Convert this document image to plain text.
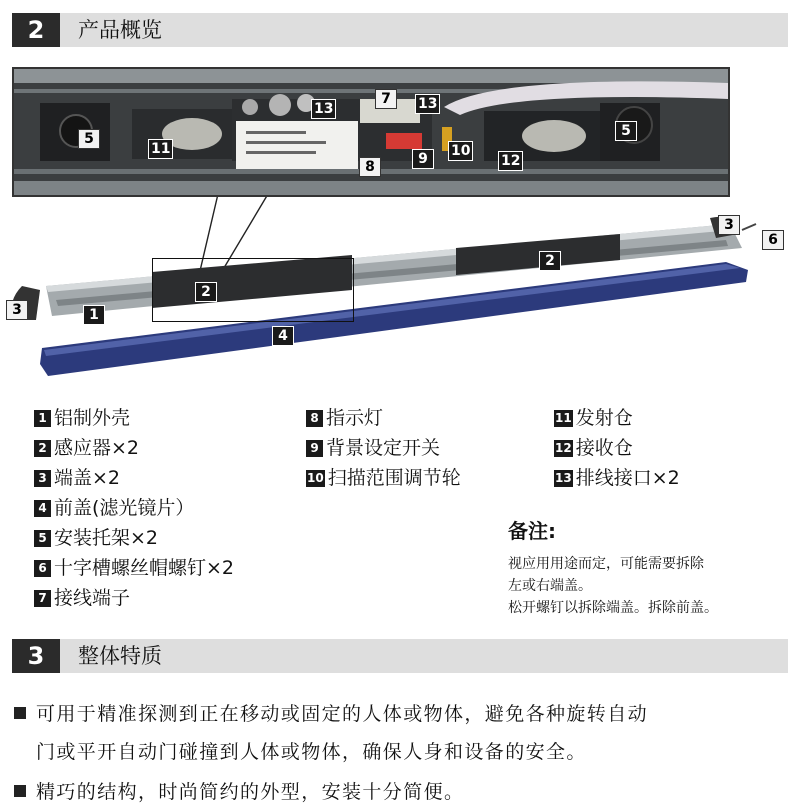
2	产品概览
5
11
13
7	13
8	9	10
12
5
2
2
3
6
3	1
4
1 铝制外壳
2 感应器×2
3 端盖×2
4 前盖(滤光镜片）
5 安装托架×2
6 十字槽螺丝帽螺钉×2
7 接线端子
8 指示灯
9 背景设定开关
10 扫描范围调节轮
11 发射仓
12 接收仓
13 排线接口×2
备注:
视应用用途而定，可能需要拆除
左或右端盖。
松开螺钉以拆除端盖。拆除前盖。
3	整体特质
可用于精准探测到正在移动或固定的人体或物体，避免各种旋转自动
门或平开自动门碰撞到人体或物体，确保人身和设备的安全。
精巧的结构，时尚简约的外型，安装十分简便。
